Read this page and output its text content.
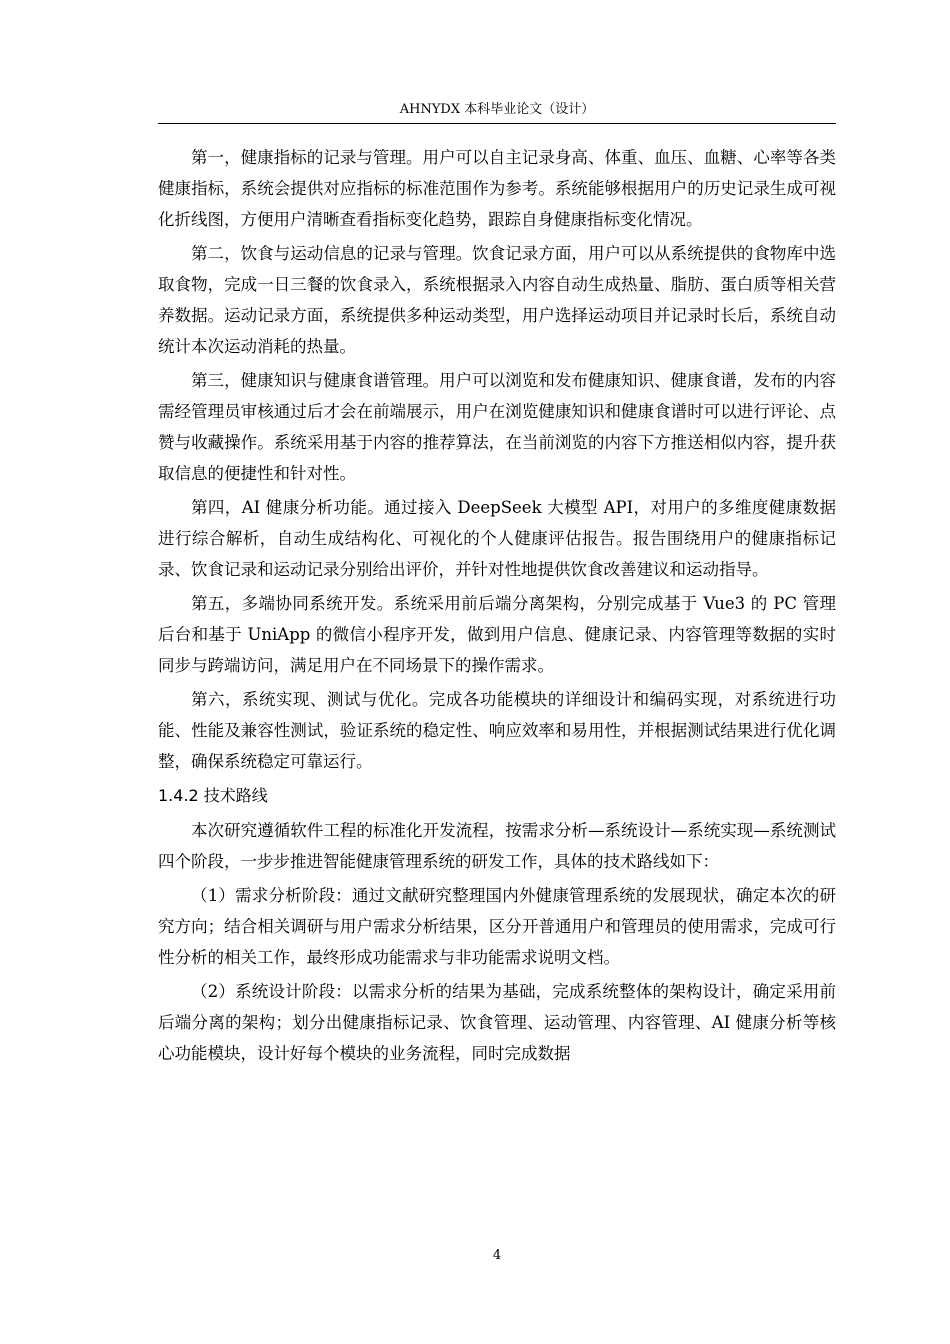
AHNYDX 本科毕业论文（设计）

第一，健康指标的记录与管理。用户可以自主记录身高、体重、血压、血糖、心率等各类健康指标，系统会提供对应指标的标准范围作为参考。系统能够根据用户的历史记录生成可视化折线图，方便用户清晰查看指标变化趋势，跟踪自身健康指标变化情况。

第二，饮食与运动信息的记录与管理。饮食记录方面，用户可以从系统提供的食物库中选取食物，完成一日三餐的饮食录入，系统根据录入内容自动生成热量、脂肪、蛋白质等相关营养数据。运动记录方面，系统提供多种运动类型，用户选择运动项目并记录时长后，系统自动统计本次运动消耗的热量。

第三，健康知识与健康食谱管理。用户可以浏览和发布健康知识、健康食谱，发布的内容需经管理员审核通过后才会在前端展示，用户在浏览健康知识和健康食谱时可以进行评论、点赞与收藏操作。系统采用基于内容的推荐算法，在当前浏览的内容下方推送相似内容，提升获取信息的便捷性和针对性。

第四，AI 健康分析功能。通过接入 DeepSeek 大模型 API，对用户的多维度健康数据进行综合解析，自动生成结构化、可视化的个人健康评估报告。报告围绕用户的健康指标记录、饮食记录和运动记录分别给出评价，并针对性地提供饮食改善建议和运动指导。

第五，多端协同系统开发。系统采用前后端分离架构，分别完成基于 Vue3 的 PC 管理后台和基于 UniApp 的微信小程序开发，做到用户信息、健康记录、内容管理等数据的实时同步与跨端访问，满足用户在不同场景下的操作需求。

第六，系统实现、测试与优化。完成各功能模块的详细设计和编码实现，对系统进行功能、性能及兼容性测试，验证系统的稳定性、响应效率和易用性，并根据测试结果进行优化调整，确保系统稳定可靠运行。

1.4.2 技术路线

本次研究遵循软件工程的标准化开发流程，按需求分析—系统设计—系统实现—系统测试四个阶段，一步步推进智能健康管理系统的研发工作，具体的技术路线如下：

（1）需求分析阶段：通过文献研究整理国内外健康管理系统的发展现状，确定本次的研究方向；结合相关调研与用户需求分析结果，区分开普通用户和管理员的使用需求，完成可行性分析的相关工作，最终形成功能需求与非功能需求说明文档。

（2）系统设计阶段：以需求分析的结果为基础，完成系统整体的架构设计，确定采用前后端分离的架构；划分出健康指标记录、饮食管理、运动管理、内容管理、AI 健康分析等核心功能模块，设计好每个模块的业务流程，同时完成数据

4
